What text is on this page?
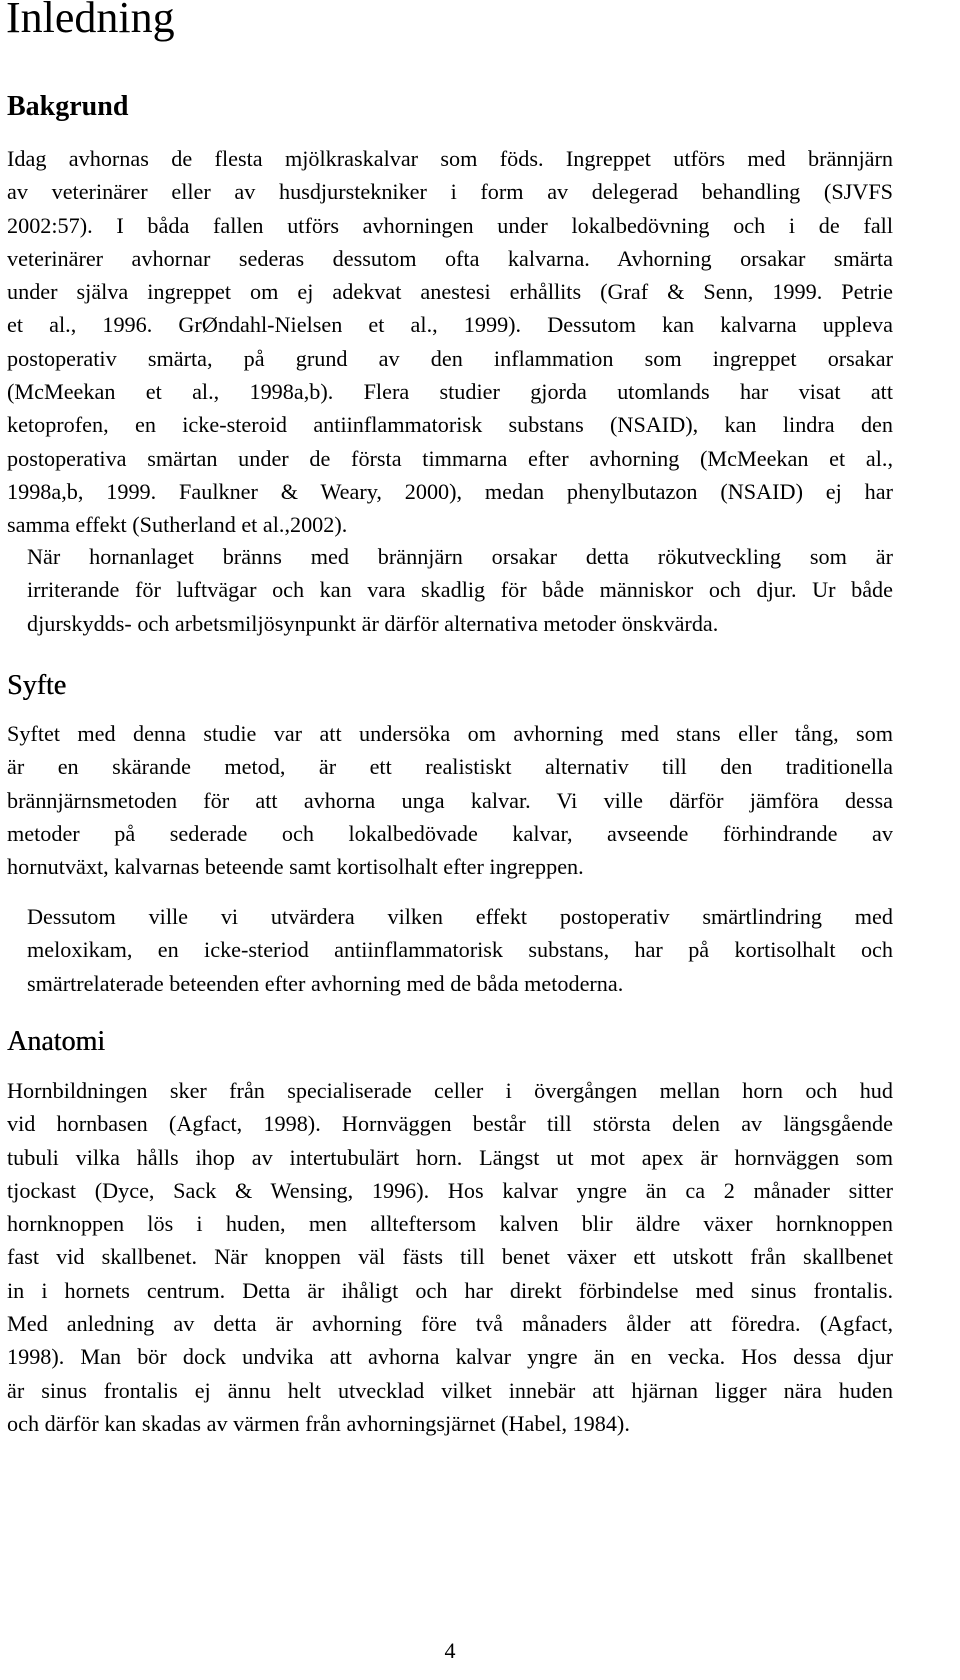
Inledning
Bakgrund

Idag avhornas de flesta mjölkraskalvar som föds. Ingreppet utförs med brännjärn
av veterinärer eller av husdjurstekniker i form av delegerad behandling (SJVFS
2002:57). I båda fallen utförs avhorningen under lokalbedövning och i de fall
veterinärer avhornar sederas dessutom ofta kalvarna. Avhorning orsakar smärta
under själva ingreppet om ej adekvat anestesi erhållits (Graf & Senn, 1999. Petrie
et al., 1996. GrØndahl-Nielsen et al., 1999). Dessutom kan kalvarna uppleva
postoperativ smärta, på grund av den inflammation som ingreppet orsakar
(McMeekan et al., 1998a,b). Flera studier gjorda utomlands har visat att
ketoprofen, en icke-steroid antiinflammatorisk substans (NSAID), kan lindra den
postoperativa smärtan under de första timmarna efter avhorning (McMeekan et al.,
1998a,b, 1999. Faulkner & Weary, 2000), medan phenylbutazon (NSAID) ej har
samma effekt (Sutherland et al.,2002).

När hornanlaget bränns med brännjärn orsakar detta rökutveckling som är
irriterande för luftvägar och kan vara skadlig för både människor och djur. Ur både
djurskydds- och arbetsmiljösynpunkt är därför alternativa metoder önskvärda.

Syfte

Syftet med denna studie var att undersöka om avhorning med stans eller tång, som
är en skärande metod, är ett realistiskt alternativ till den traditionella
brännjärnsmetoden för att avhorna unga kalvar. Vi ville därför jämföra dessa
metoder på sederade och lokalbedövade kalvar, avseende förhindrande av
hornutväxt, kalvarnas beteende samt kortisolhalt efter ingreppen.

Dessutom ville vi utvärdera vilken effekt postoperativ smärtlindring med
meloxikam, en icke-steriod antiinflammatorisk substans, har på kortisolhalt och
smärtrelaterade beteenden efter avhorning med de båda metoderna.

Anatomi

Hornbildningen sker från specialiserade celler i övergången mellan horn och hud
vid hornbasen (Agfact, 1998). Hornväggen består till största delen av längsgående
tubuli vilka hålls ihop av intertubulärt horn. Längst ut mot apex är hornväggen som
tjockast (Dyce, Sack & Wensing, 1996). Hos kalvar yngre än ca 2 månader sitter
hornknoppen lös i huden, men allteftersom kalven blir äldre växer hornknoppen
fast vid skallbenet. När knoppen väl fästs till benet växer ett utskott från skallbenet
in i hornets centrum. Detta är ihåligt och har direkt förbindelse med sinus frontalis.
Med anledning av detta är avhorning före två månaders ålder att föredra. (Agfact,
1998). Man bör dock undvika att avhorna kalvar yngre än en vecka. Hos dessa djur
är sinus frontalis ej ännu helt utvecklad vilket innebär att hjärnan ligger nära huden
och därför kan skadas av värmen från avhorningsjärnet (Habel, 1984).

4
